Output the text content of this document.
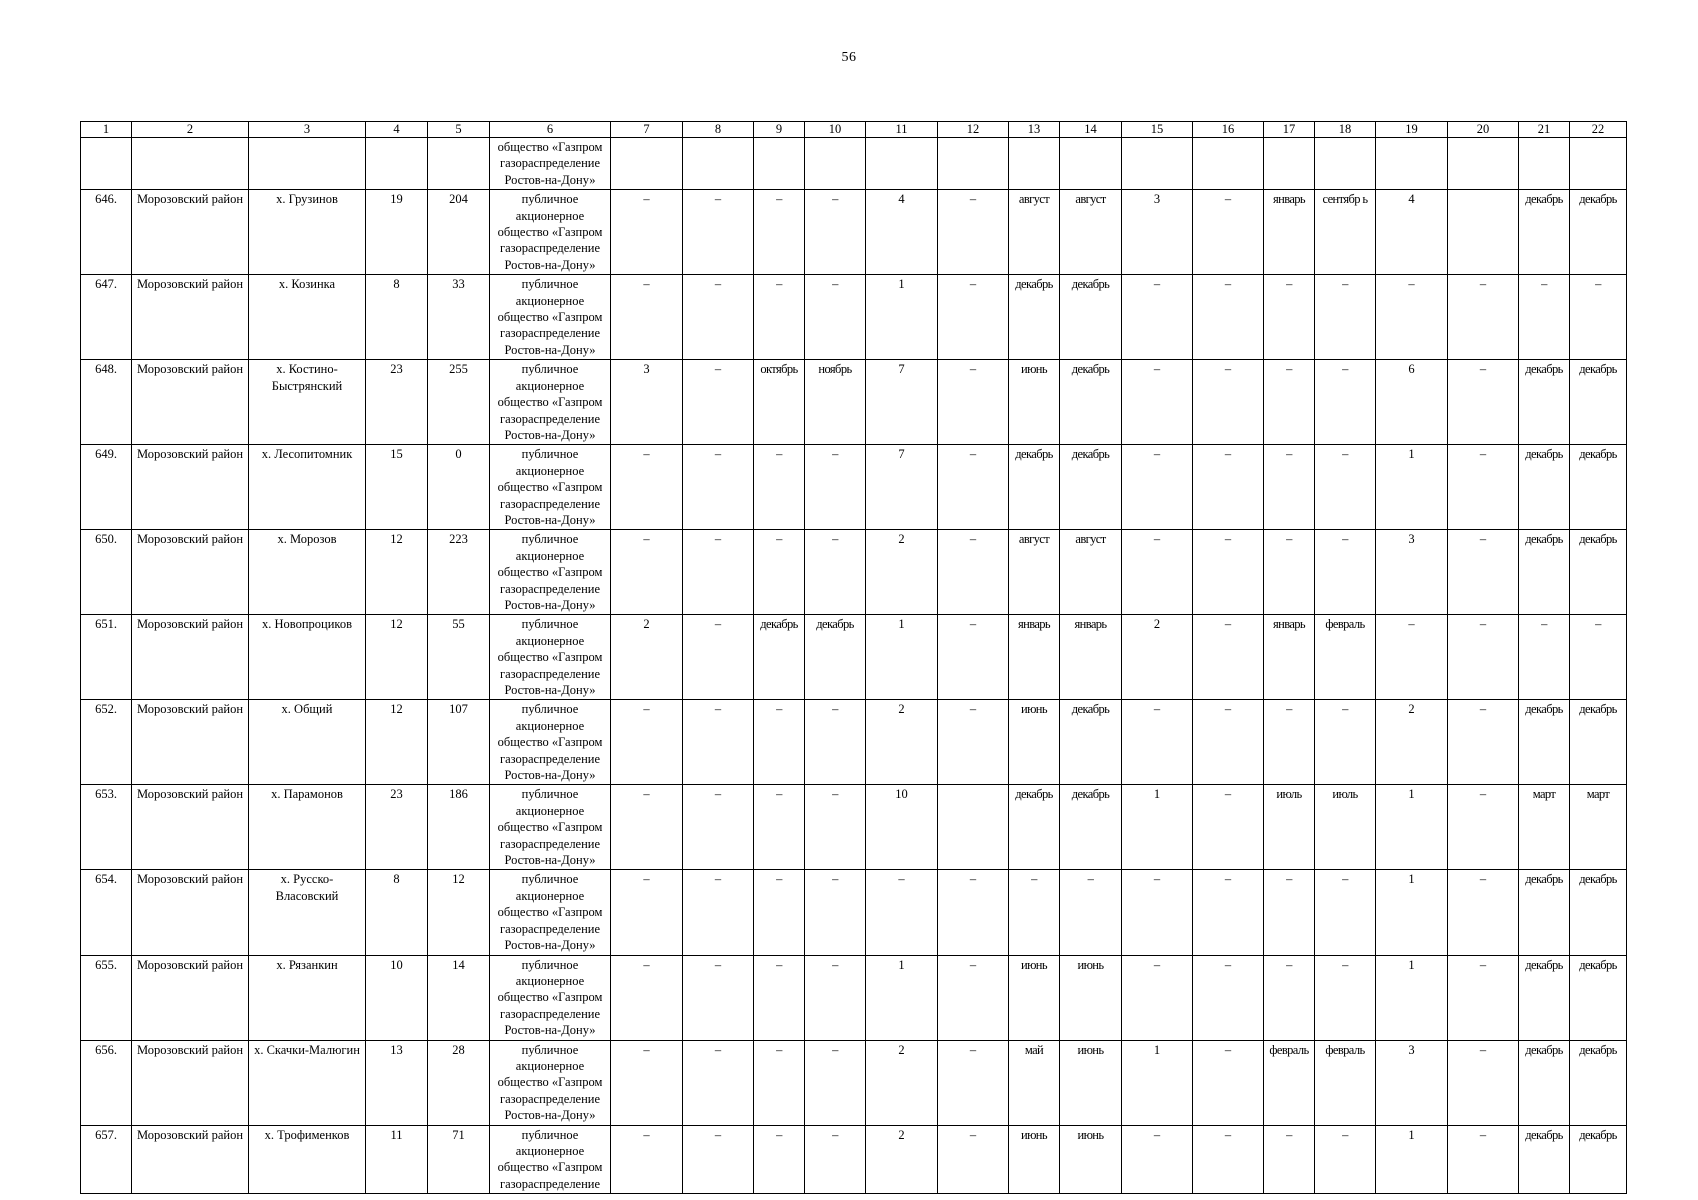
56
1	2	3	4	5	6	7	8	9	10	11	12	13	14	15	16	17	18	19	20	21	22
					общество «Газпром газораспределение Ростов-на-Дону»																
646.	Морозовский район	х. Грузинов	19	204	публичное акционерное общество «Газпром газораспределение Ростов-на-Дону»	–	–	–	–	4	–	август	август	3	–	январь	сентябр ь	4		декабрь	декабрь
647.	Морозовский район	х. Козинка	8	33	публичное акционерное общество «Газпром газораспределение Ростов-на-Дону»	–	–	–	–	1	–	декабрь	декабрь	–	–	–	–	–	–	–	–
648.	Морозовский район	х. Костино-Быстрянский	23	255	публичное акционерное общество «Газпром газораспределение Ростов-на-Дону»	3	–	октябрь	ноябрь	7	–	июнь	декабрь	–	–	–	–	6	–	декабрь	декабрь
649.	Морозовский район	х. Лесопитомник	15	0	публичное акционерное общество «Газпром газораспределение Ростов-на-Дону»	–	–	–	–	7	–	декабрь	декабрь	–	–	–	–	1	–	декабрь	декабрь
650.	Морозовский район	х. Морозов	12	223	публичное акционерное общество «Газпром газораспределение Ростов-на-Дону»	–	–	–	–	2	–	август	август	–	–	–	–	3	–	декабрь	декабрь
651.	Морозовский район	х. Новопроциков	12	55	публичное акционерное общество «Газпром газораспределение Ростов-на-Дону»	2	–	декабрь	декабрь	1	–	январь	январь	2	–	январь	февраль	–	–	–	–
652.	Морозовский район	х. Общий	12	107	публичное акционерное общество «Газпром газораспределение Ростов-на-Дону»	–	–	–	–	2	–	июнь	декабрь	–	–	–	–	2	–	декабрь	декабрь
653.	Морозовский район	х. Парамонов	23	186	публичное акционерное общество «Газпром газораспределение Ростов-на-Дону»	–	–	–	–	10		декабрь	декабрь	1	–	июль	июль	1	–	март	март
654.	Морозовский район	х. Русско-Власовский	8	12	публичное акционерное общество «Газпром газораспределение Ростов-на-Дону»	–	–	–	–	–	–	–	–	–	–	–	–	1	–	декабрь	декабрь
655.	Морозовский район	х. Рязанкин	10	14	публичное акционерное общество «Газпром газораспределение Ростов-на-Дону»	–	–	–	–	1	–	июнь	июнь	–	–	–	–	1	–	декабрь	декабрь
656.	Морозовский район	х. Скачки-Малюгин	13	28	публичное акционерное общество «Газпром газораспределение Ростов-на-Дону»	–	–	–	–	2	–	май	июнь	1	–	февраль	февраль	3	–	декабрь	декабрь
657.	Морозовский район	х. Трофименков	11	71	публичное акционерное общество «Газпром газораспределение	–	–	–	–	2	–	июнь	июнь	–	–	–	–	1	–	декабрь	декабрь
